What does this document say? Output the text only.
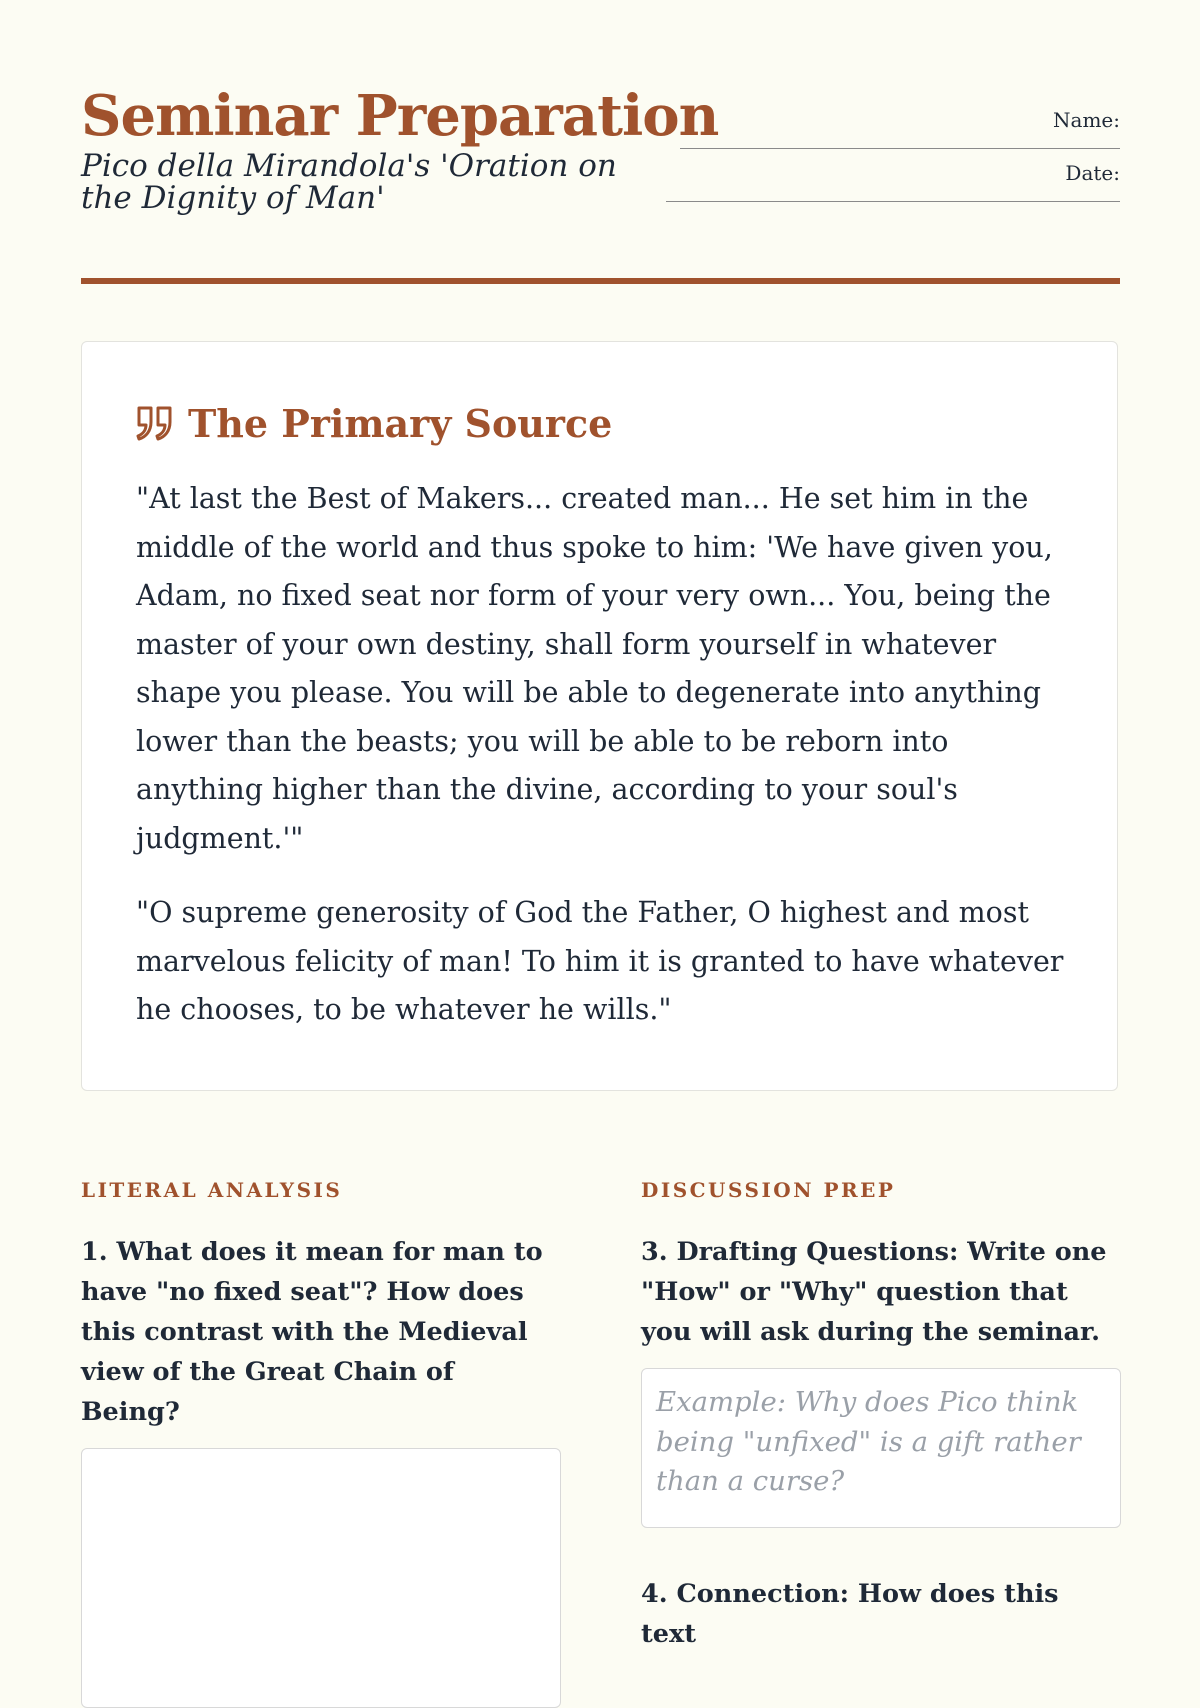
Seminar Preparation

Pico della Mirandola's 'Oration on the Dignity of Man'

Name:
Date:
The Primary Source

"At last the Best of Makers... created man... He set him in the middle of the world and thus spoke to him: 'We have given you, Adam, no fixed seat nor form of your very own... You, being the master of your own destiny, shall form yourself in whatever shape you please. You will be able to degenerate into anything lower than the beasts; you will be able to be reborn into anything higher than the divine, according to your soul's judgment.'"

"O supreme generosity of God the Father, O highest and most marvelous felicity of man! To him it is granted to have whatever he chooses, to be whatever he wills."

LITERAL ANALYSIS
1. What does it mean for man to have "no fixed seat"? How does this contrast with the Medieval view of the Great Chain of Being?
DISCUSSION PREP
3. Drafting Questions: Write one "How" or "Why" question that you will ask during the seminar.
Example: Why does Pico think being "unfixed" is a gift rather than a curse?
4. Connection: How does this text
